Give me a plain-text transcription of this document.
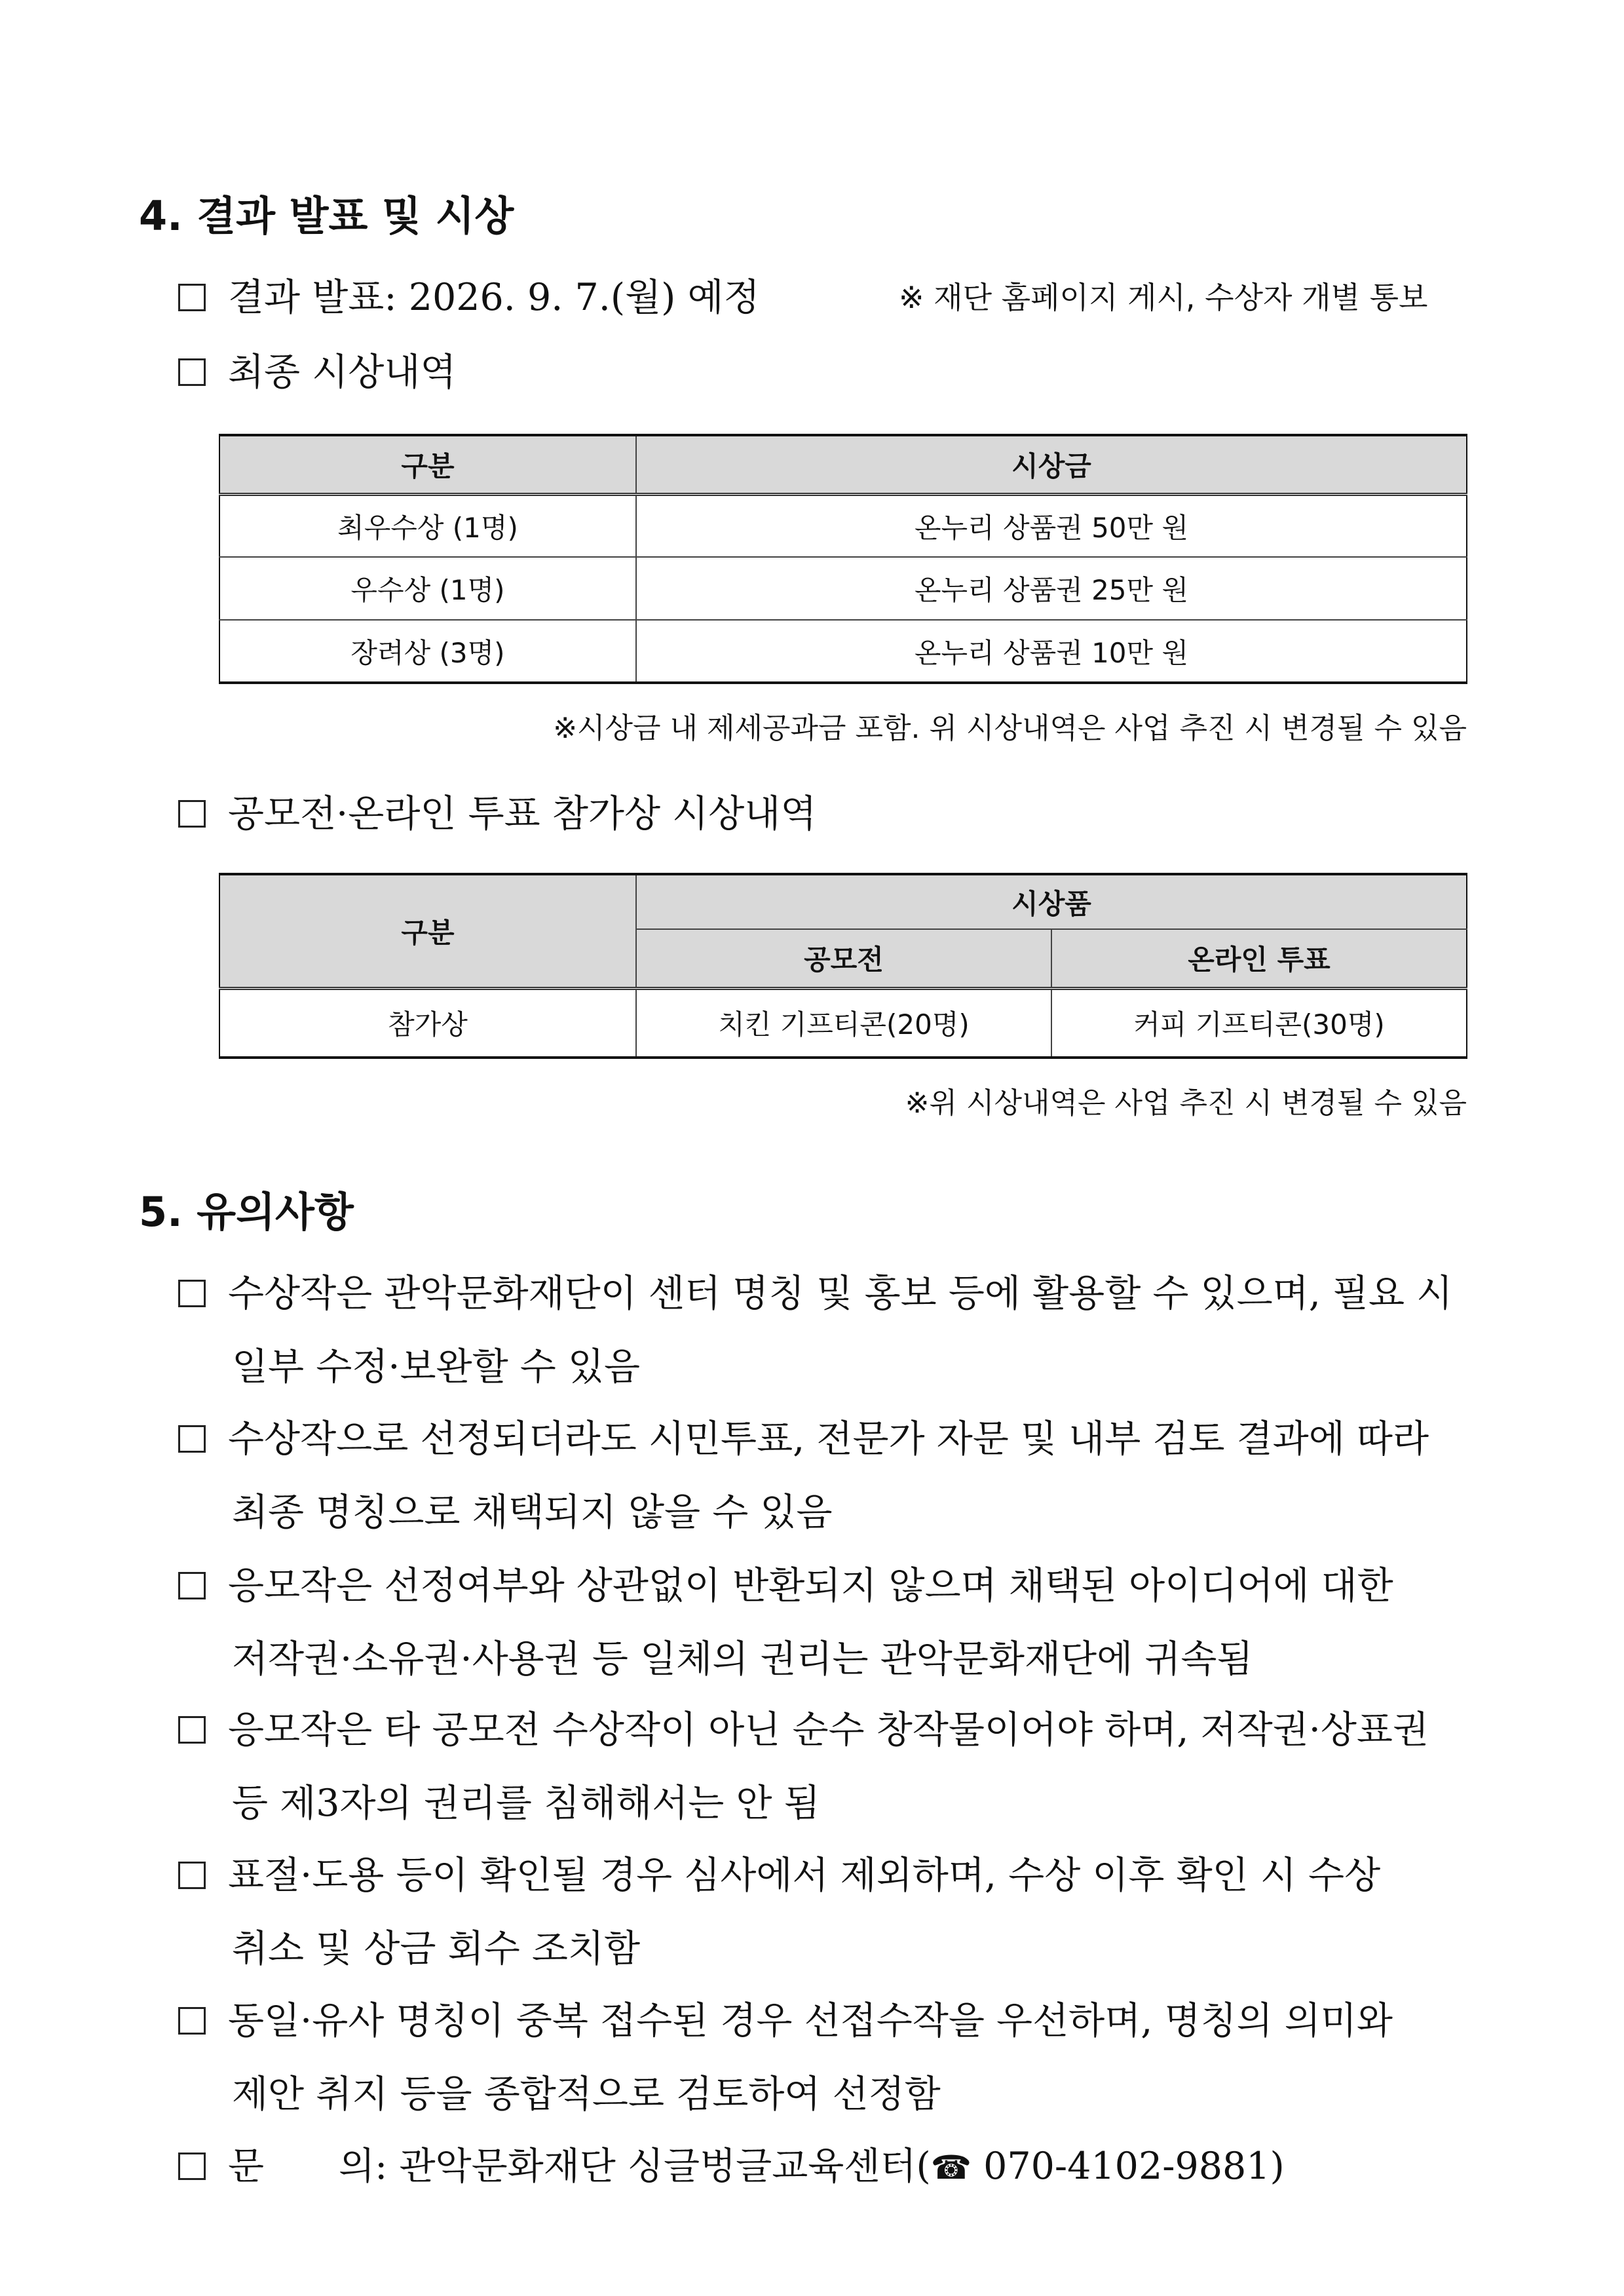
4. 결과 발표 및 시상
결과 발표: 2026. 9. 7.(월) 예정	※ 재단 홈페이지 게시, 수상자 개별 통보
최종 시상내역
구분	시상금
최우수상 (1명)	온누리 상품권 50만 원
우수상 (1명)	온누리 상품권 25만 원
장려상 (3명)	온누리 상품권 10만 원
※시상금 내 제세공과금 포함. 위 시상내역은 사업 추진 시 변경될 수 있음
공모전·온라인 투표 참가상 시상내역
구분	시상품	
	공모전	온라인 투표
참가상	치킨 기프티콘(20명)	커피 기프티콘(30명)
※위 시상내역은 사업 추진 시 변경될 수 있음
5. 유의사항
수상작은 관악문화재단이 센터 명칭 및 홍보 등에 활용할 수 있으며, 필요 시
일부 수정·보완할 수 있음
수상작으로 선정되더라도 시민투표, 전문가 자문 및 내부 검토 결과에 따라
최종 명칭으로 채택되지 않을 수 있음
응모작은 선정여부와 상관없이 반환되지 않으며 채택된 아이디어에 대한
저작권·소유권·사용권 등 일체의 권리는 관악문화재단에 귀속됨
응모작은 타 공모전 수상작이 아닌 순수 창작물이어야 하며, 저작권·상표권
등 제3자의 권리를 침해해서는 안 됨
표절·도용 등이 확인될 경우 심사에서 제외하며, 수상 이후 확인 시 수상
취소 및 상금 회수 조치함
동일·유사 명칭이 중복 접수된 경우 선접수작을 우선하며, 명칭의 의미와
제안 취지 등을 종합적으로 검토하여 선정함
문　　의: 관악문화재단 싱글벙글교육센터(☎ 070-4102-9881)
